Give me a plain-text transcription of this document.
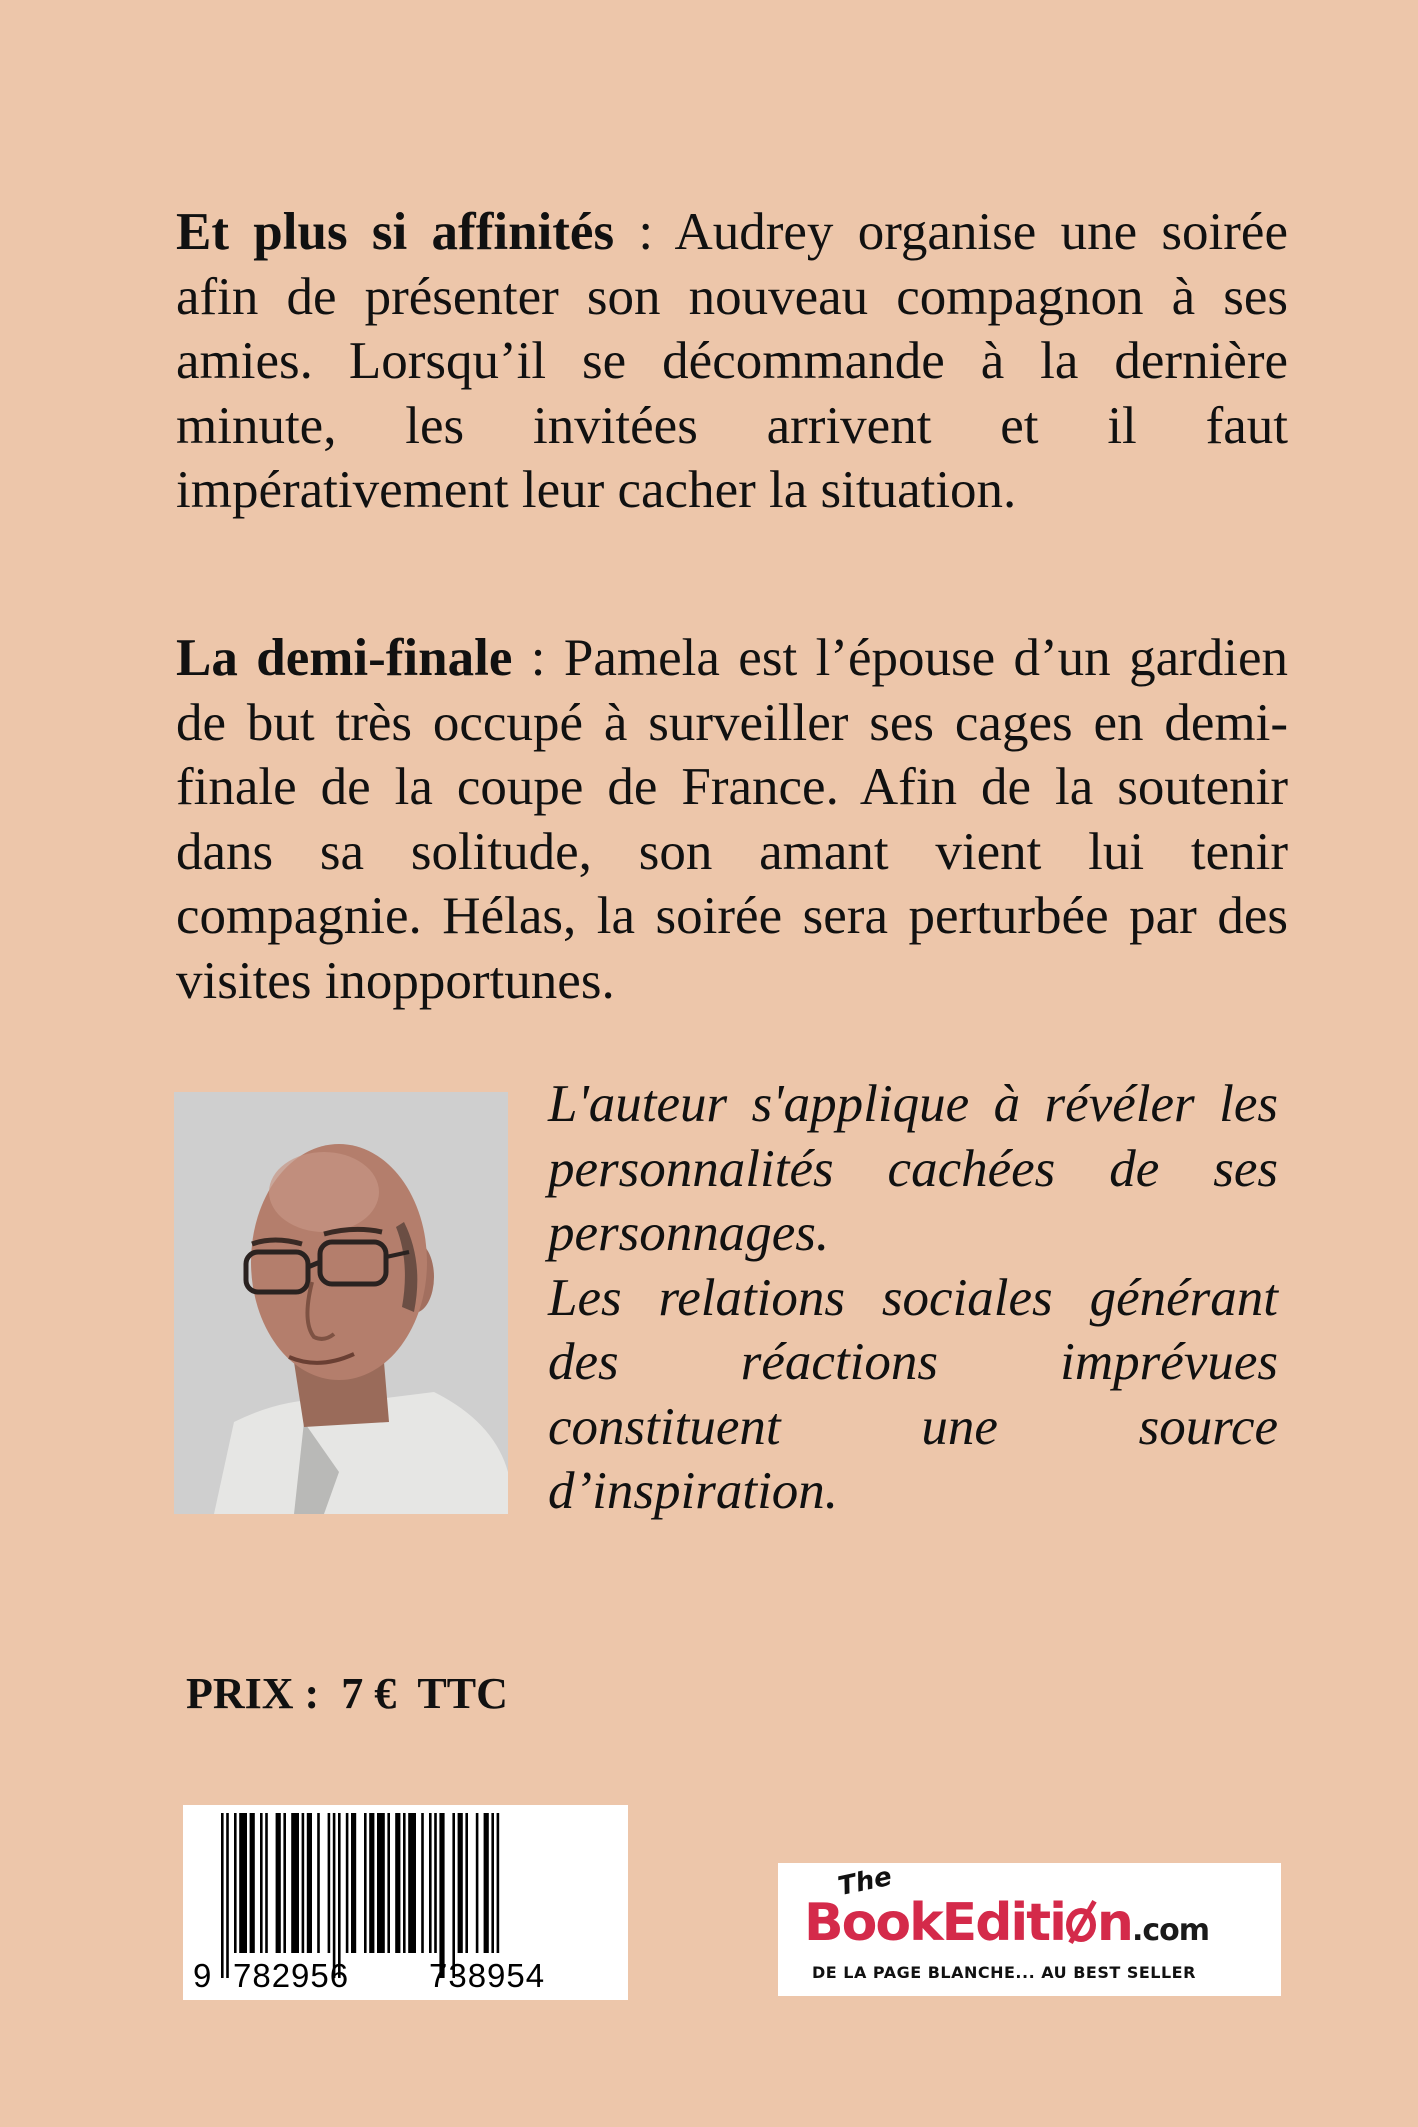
Et plus si affinités : Audrey organise une soirée afin de présenter son nouveau compagnon à ses amies. Lorsqu’il se décommande à la dernière minute, les invitées arrivent et il faut impérativement leur cacher la situation.

La demi-finale : Pamela est l’épouse d’un gardien de but très occupé à surveiller ses cages en demi-finale de la coupe de France. Afin de la soutenir dans sa solitude, son amant vient lui tenir compagnie. Hélas, la soirée sera perturbée par des visites inopportunes.

L'auteur s'applique à révéler les personnalités cachées de ses personnages.
Les relations sociales générant des réactions imprévues constituent une source d’inspiration.

PRIX :  7 €  TTC
9 782956 738954
The
BookEditi n.com
DE LA PAGE BLANCHE... AU BEST SELLER
